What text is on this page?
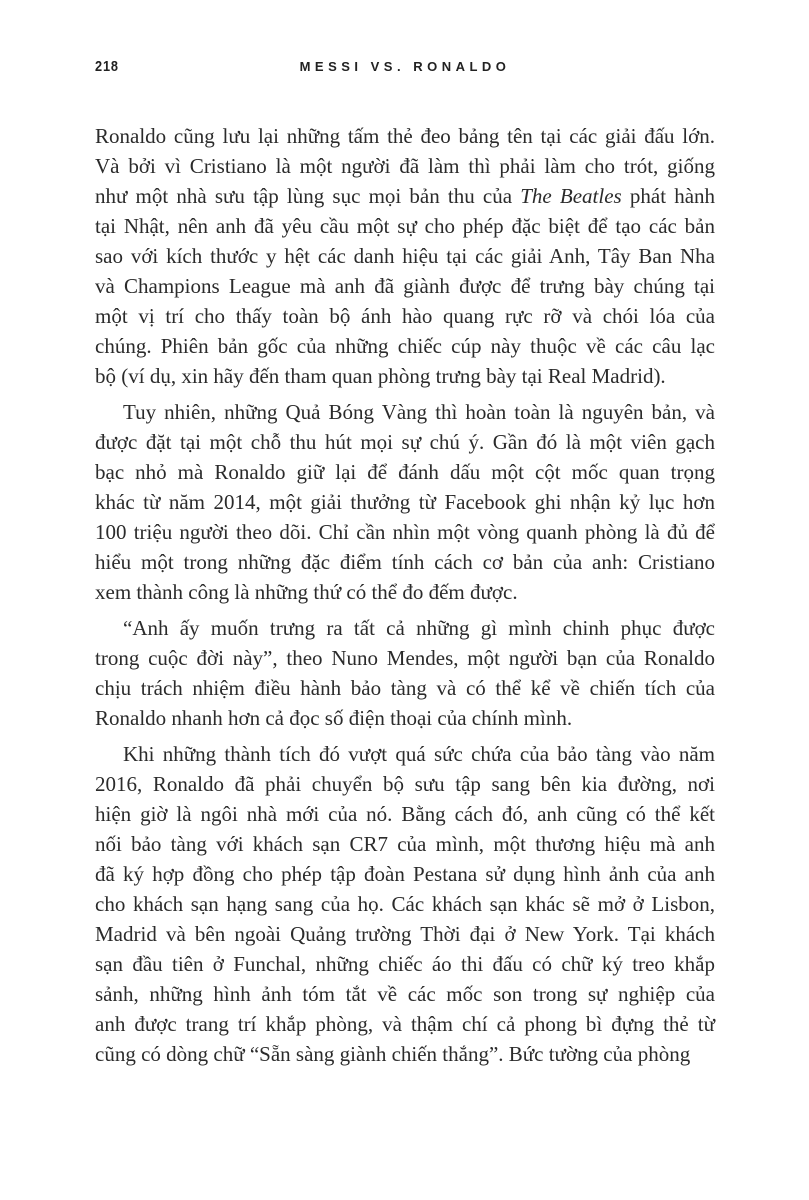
218	MESSI VS. RONALDO
Ronaldo cũng lưu lại những tấm thẻ đeo bảng tên tại các giải đấu lớn.
Và bởi vì Cristiano là một người đã làm thì phải làm cho trót, giống
như một nhà sưu tập lùng sục mọi bản thu của The Beatles phát hành
tại Nhật, nên anh đã yêu cầu một sự cho phép đặc biệt để tạo các bản
sao với kích thước y hệt các danh hiệu tại các giải Anh, Tây Ban Nha
và Champions League mà anh đã giành được để trưng bày chúng tại
một vị trí cho thấy toàn bộ ánh hào quang rực rỡ và chói lóa của
chúng. Phiên bản gốc của những chiếc cúp này thuộc về các câu lạc
bộ (ví dụ, xin hãy đến tham quan phòng trưng bày tại Real Madrid).
Tuy nhiên, những Quả Bóng Vàng thì hoàn toàn là nguyên bản, và
được đặt tại một chỗ thu hút mọi sự chú ý. Gần đó là một viên gạch
bạc nhỏ mà Ronaldo giữ lại để đánh dấu một cột mốc quan trọng
khác từ năm 2014, một giải thưởng từ Facebook ghi nhận kỷ lục hơn
100 triệu người theo dõi. Chỉ cần nhìn một vòng quanh phòng là đủ để
hiểu một trong những đặc điểm tính cách cơ bản của anh: Cristiano
xem thành công là những thứ có thể đo đếm được.
“Anh ấy muốn trưng ra tất cả những gì mình chinh phục được
trong cuộc đời này”, theo Nuno Mendes, một người bạn của Ronaldo
chịu trách nhiệm điều hành bảo tàng và có thể kể về chiến tích của
Ronaldo nhanh hơn cả đọc số điện thoại của chính mình.
Khi những thành tích đó vượt quá sức chứa của bảo tàng vào năm
2016, Ronaldo đã phải chuyển bộ sưu tập sang bên kia đường, nơi
hiện giờ là ngôi nhà mới của nó. Bằng cách đó, anh cũng có thể kết
nối bảo tàng với khách sạn CR7 của mình, một thương hiệu mà anh
đã ký hợp đồng cho phép tập đoàn Pestana sử dụng hình ảnh của anh
cho khách sạn hạng sang của họ. Các khách sạn khác sẽ mở ở Lisbon,
Madrid và bên ngoài Quảng trường Thời đại ở New York. Tại khách
sạn đầu tiên ở Funchal, những chiếc áo thi đấu có chữ ký treo khắp
sảnh, những hình ảnh tóm tắt về các mốc son trong sự nghiệp của
anh được trang trí khắp phòng, và thậm chí cả phong bì đựng thẻ từ
cũng có dòng chữ “Sẵn sàng giành chiến thắng”. Bức tường của phòng
